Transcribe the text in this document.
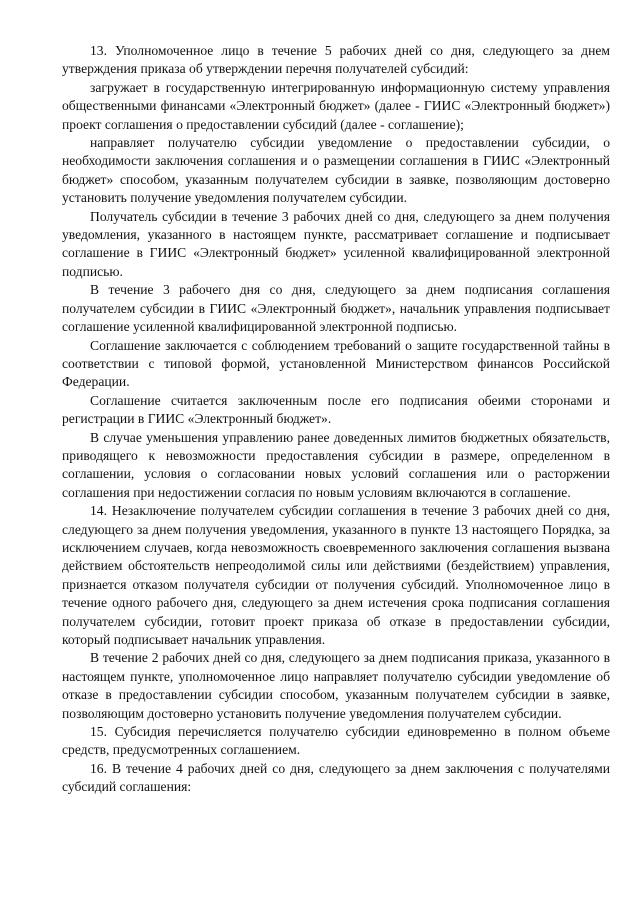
13. Уполномоченное лицо в течение 5 рабочих дней со дня, следующего за днем утверждения приказа об утверждении перечня получателей субсидий:

загружает в государственную интегрированную информационную систему управления общественными финансами «Электронный бюджет» (далее - ГИИС «Электронный бюджет») проект соглашения о предоставлении субсидий (далее - соглашение);

направляет получателю субсидии уведомление о предоставлении субсидии, о необходимости заключения соглашения и о размещении соглашения в ГИИС «Электронный бюджет» способом, указанным получателем субсидии в заявке, позволяющим достоверно установить получение уведомления получателем субсидии.

Получатель субсидии в течение 3 рабочих дней со дня, следующего за днем получения уведомления, указанного в настоящем пункте, рассматривает соглашение и подписывает соглашение в ГИИС «Электронный бюджет» усиленной квалифицированной электронной подписью.

В течение 3 рабочего дня со дня, следующего за днем подписания соглашения получателем субсидии в ГИИС «Электронный бюджет», начальник управления подписывает соглашение усиленной квалифицированной электронной подписью.

Соглашение заключается с соблюдением требований о защите государственной тайны в соответствии с типовой формой, установленной Министерством финансов Российской Федерации.

Соглашение считается заключенным после его подписания обеими сторонами и регистрации в ГИИС «Электронный бюджет».

В случае уменьшения управлению ранее доведенных лимитов бюджетных обязательств, приводящего к невозможности предоставления субсидии в размере, определенном в соглашении, условия о согласовании новых условий соглашения или о расторжении соглашения при недостижении согласия по новым условиям включаются в соглашение.

14. Незаключение получателем субсидии соглашения в течение 3 рабочих дней со дня, следующего за днем получения уведомления, указанного в пункте 13 настоящего Порядка, за исключением случаев, когда невозможность своевременного заключения соглашения вызвана действием обстоятельств непреодолимой силы или действиями (бездействием) управления, признается отказом получателя субсидии от получения субсидий. Уполномоченное лицо в течение одного рабочего дня, следующего за днем истечения срока подписания соглашения получателем субсидии, готовит проект приказа об отказе в предоставлении субсидии, который подписывает начальник управления.

В течение 2 рабочих дней со дня, следующего за днем подписания приказа, указанного в настоящем пункте, уполномоченное лицо направляет получателю субсидии уведомление об отказе в предоставлении субсидии способом, указанным получателем субсидии в заявке, позволяющим достоверно установить получение уведомления получателем субсидии.

15. Субсидия перечисляется получателю субсидии единовременно в полном объеме средств, предусмотренных соглашением.

16. В течение 4 рабочих дней со дня, следующего за днем заключения с получателями субсидий соглашения:
